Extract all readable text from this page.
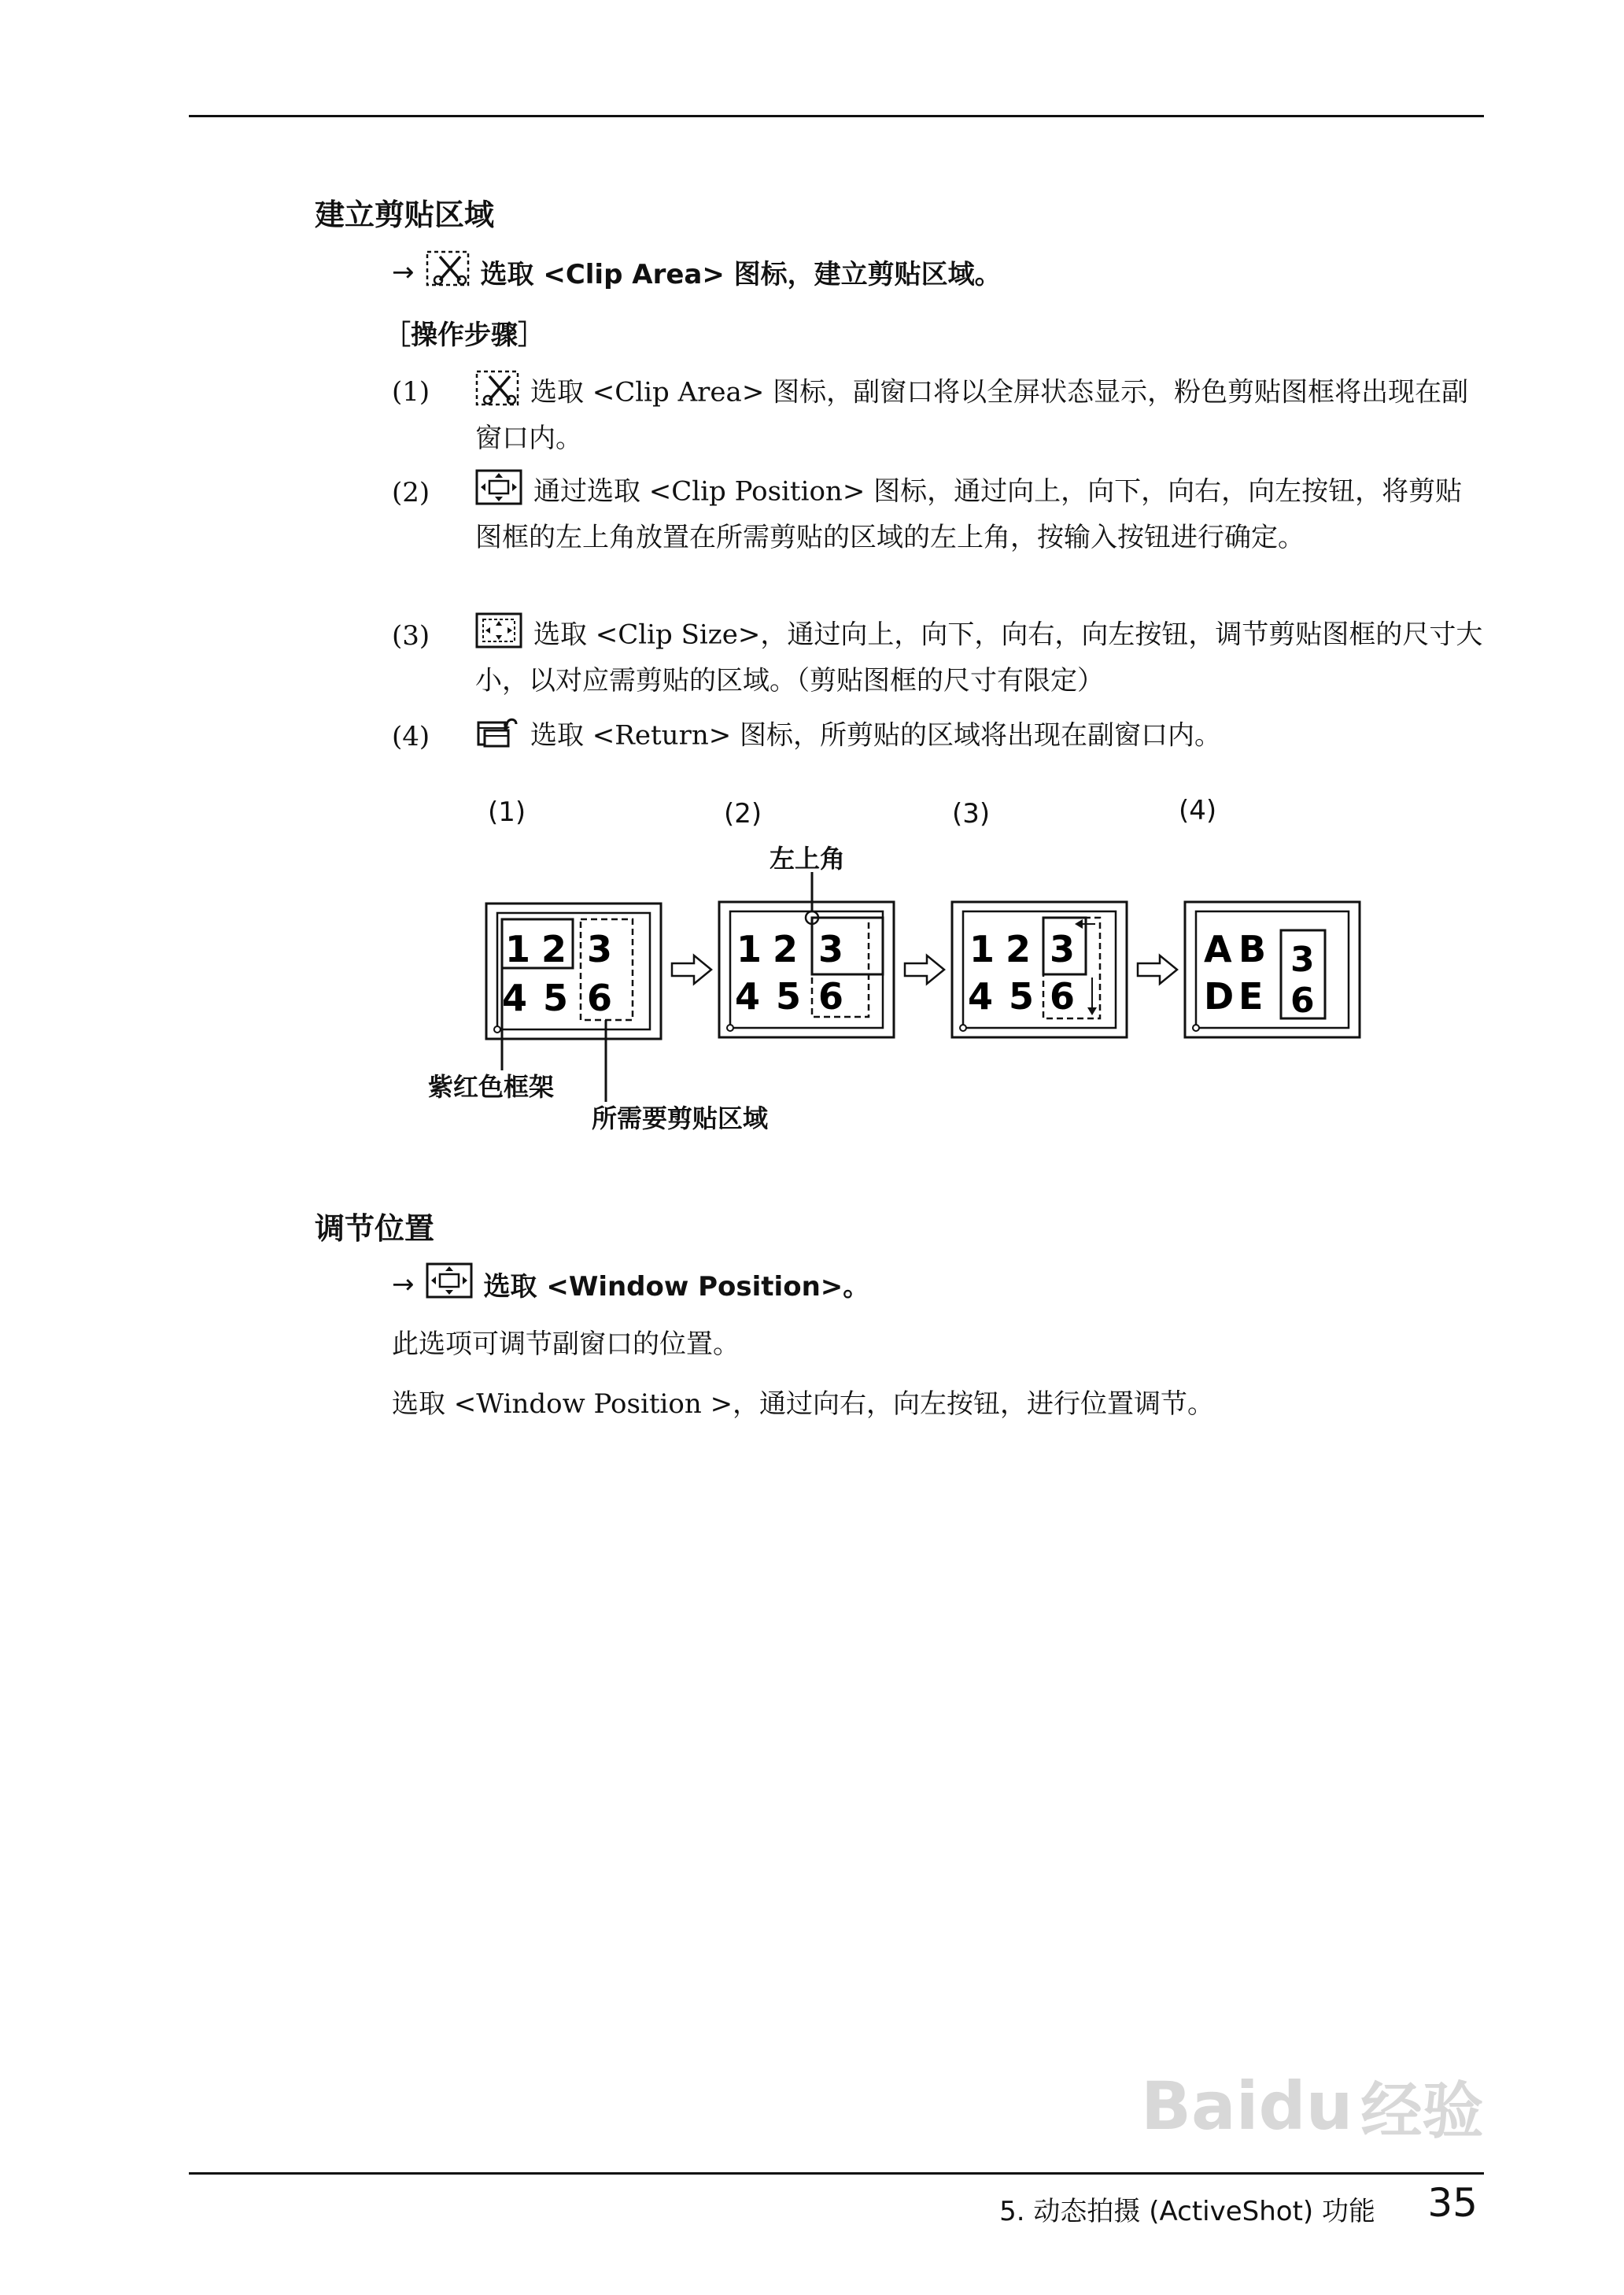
建立剪贴区域
→ 选取 <Clip Area> 图标，建立剪贴区域。
［操作步骤］
(1)	选取 <Clip Area> 图标，副窗口将以全屏状态显示，粉色剪贴图框将出现在副窗口内。
(2)	通过选取 <Clip Position> 图标，通过向上，向下，向右，向左按钮，将剪贴图框的左上角放置在所需剪贴的区域的左上角，按输入按钮进行确定。
(3)	选取 <Clip Size>，通过向上，向下，向右，向左按钮，调节剪贴图框的尺寸大小，以对应需剪贴的区域。（剪贴图框的尺寸有限定）
(4)	选取 <Return> 图标，所剪贴的区域将出现在副窗口内。
(1)	(2)	(3)	(4)
左上角
1 2 3
4 5 6
1 2 3
4 5 6
1 2 3
4 5 6
A B
D E
3
6
紫红色框架
所需要剪贴区域
调节位置
→	选取 <Window Position>。
此选项可调节副窗口的位置。
选取 <Window Position >，通过向右，向左按钮，进行位置调节。
Baidu 经验
5. 动态拍摄 (ActiveShot) 功能 35
